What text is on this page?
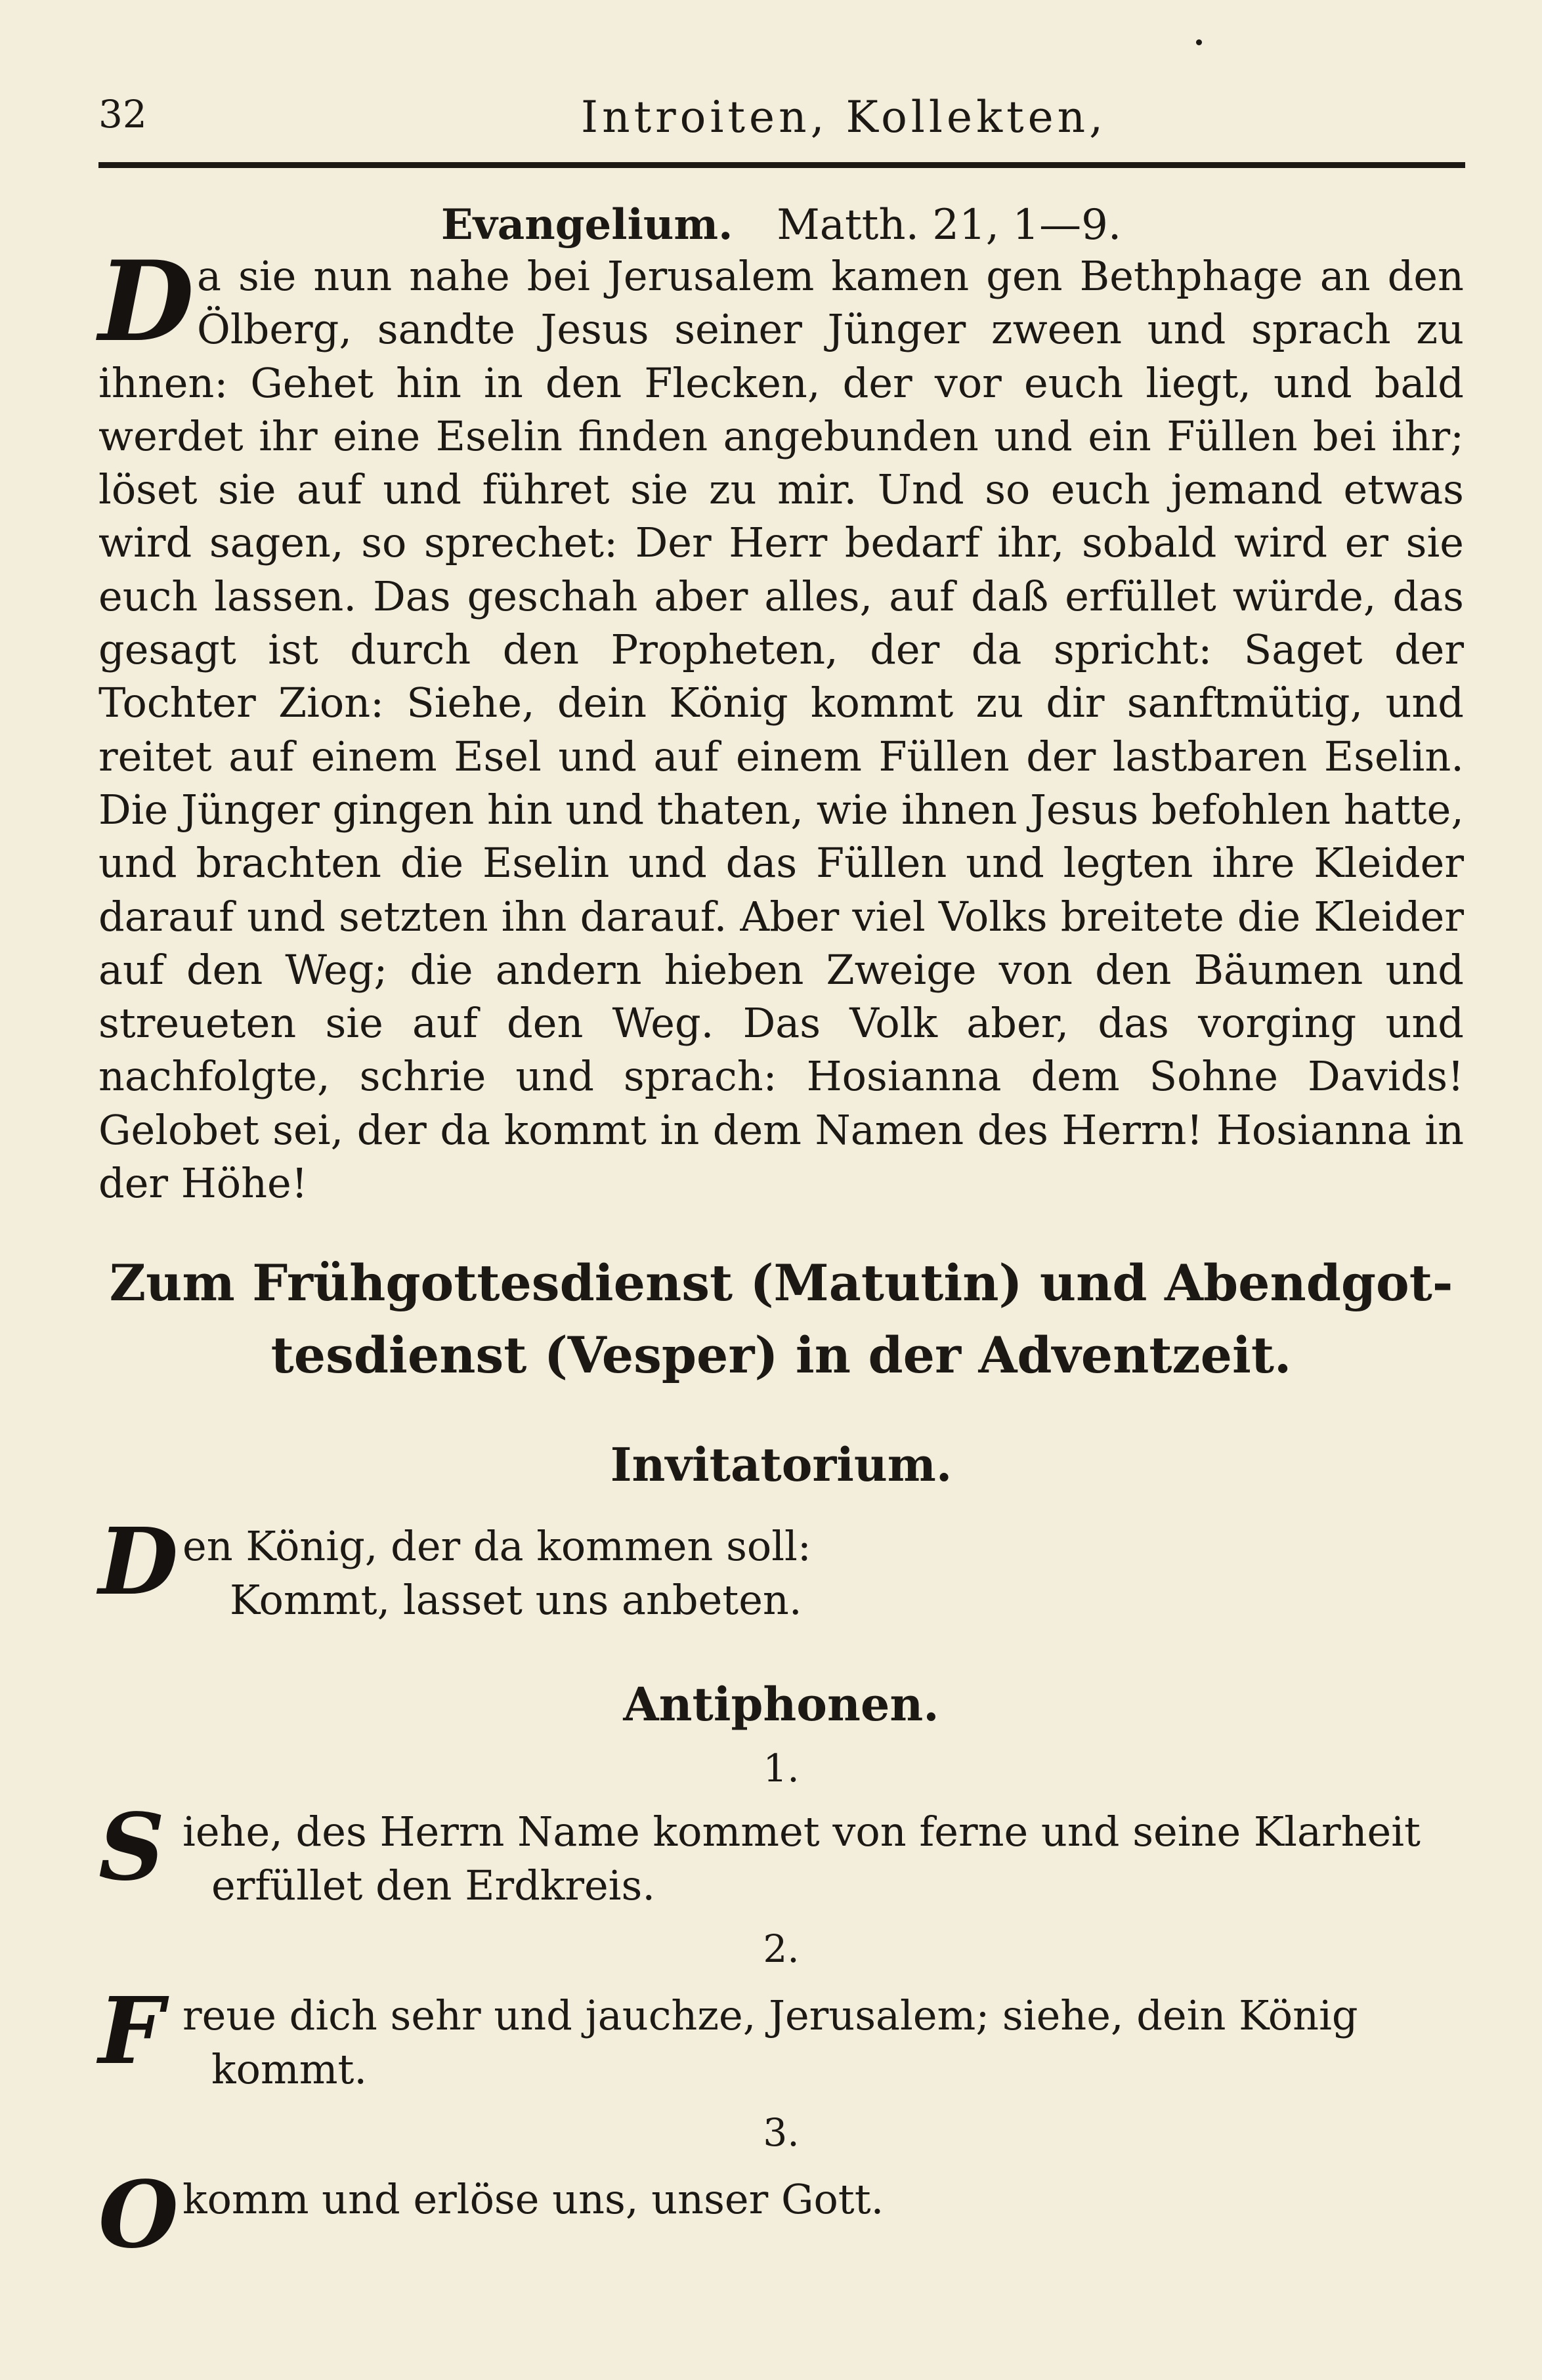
32	Introiten, Kollekten,
Evangelium. Matth. 21, 1—9.

Da sie nun nahe bei Jerusalem kamen gen Bethphage an den Ölberg, sandte Jesus seiner Jünger zween und sprach zu ihnen: Gehet hin in den Flecken, der vor euch liegt, und bald werdet ihr eine Eselin finden angebunden und ein Füllen bei ihr; löset sie auf und führet sie zu mir. Und so euch jemand etwas wird sagen, so sprechet: Der Herr bedarf ihr, sobald wird er sie euch lassen. Das geschah aber alles, auf daß erfüllet würde, das gesagt ist durch den Propheten, der da spricht: Saget der Tochter Zion: Siehe, dein König kommt zu dir sanftmütig, und reitet auf einem Esel und auf einem Füllen der lastbaren Eselin. Die Jünger gingen hin und thaten, wie ihnen Jesus befohlen hatte, und brachten die Eselin und das Füllen und legten ihre Kleider darauf und setzten ihn darauf. Aber viel Volks breitete die Kleider auf den Weg; die andern hieben Zweige von den Bäumen und streueten sie auf den Weg. Das Volk aber, das vorging und nachfolgte, schrie und sprach: Hosianna dem Sohne Davids! Gelobet sei, der da kommt in dem Namen des Herrn! Hosianna in der Höhe!

Zum Frühgottesdienst (Matutin) und Abendgot-
tesdienst (Vesper) in der Adventzeit.
Invitatorium.
D en König, der da kommen soll:

Kommt, lasset uns anbeten.

Antiphonen.
1.
S iehe, des Herrn Name kommet von ferne und seine Klarheit

erfüllet den Erdkreis.

2.
F reue dich sehr und jauchze, Jerusalem; siehe, dein König

kommt.

3.
O komm und erlöse uns, unser Gott.
